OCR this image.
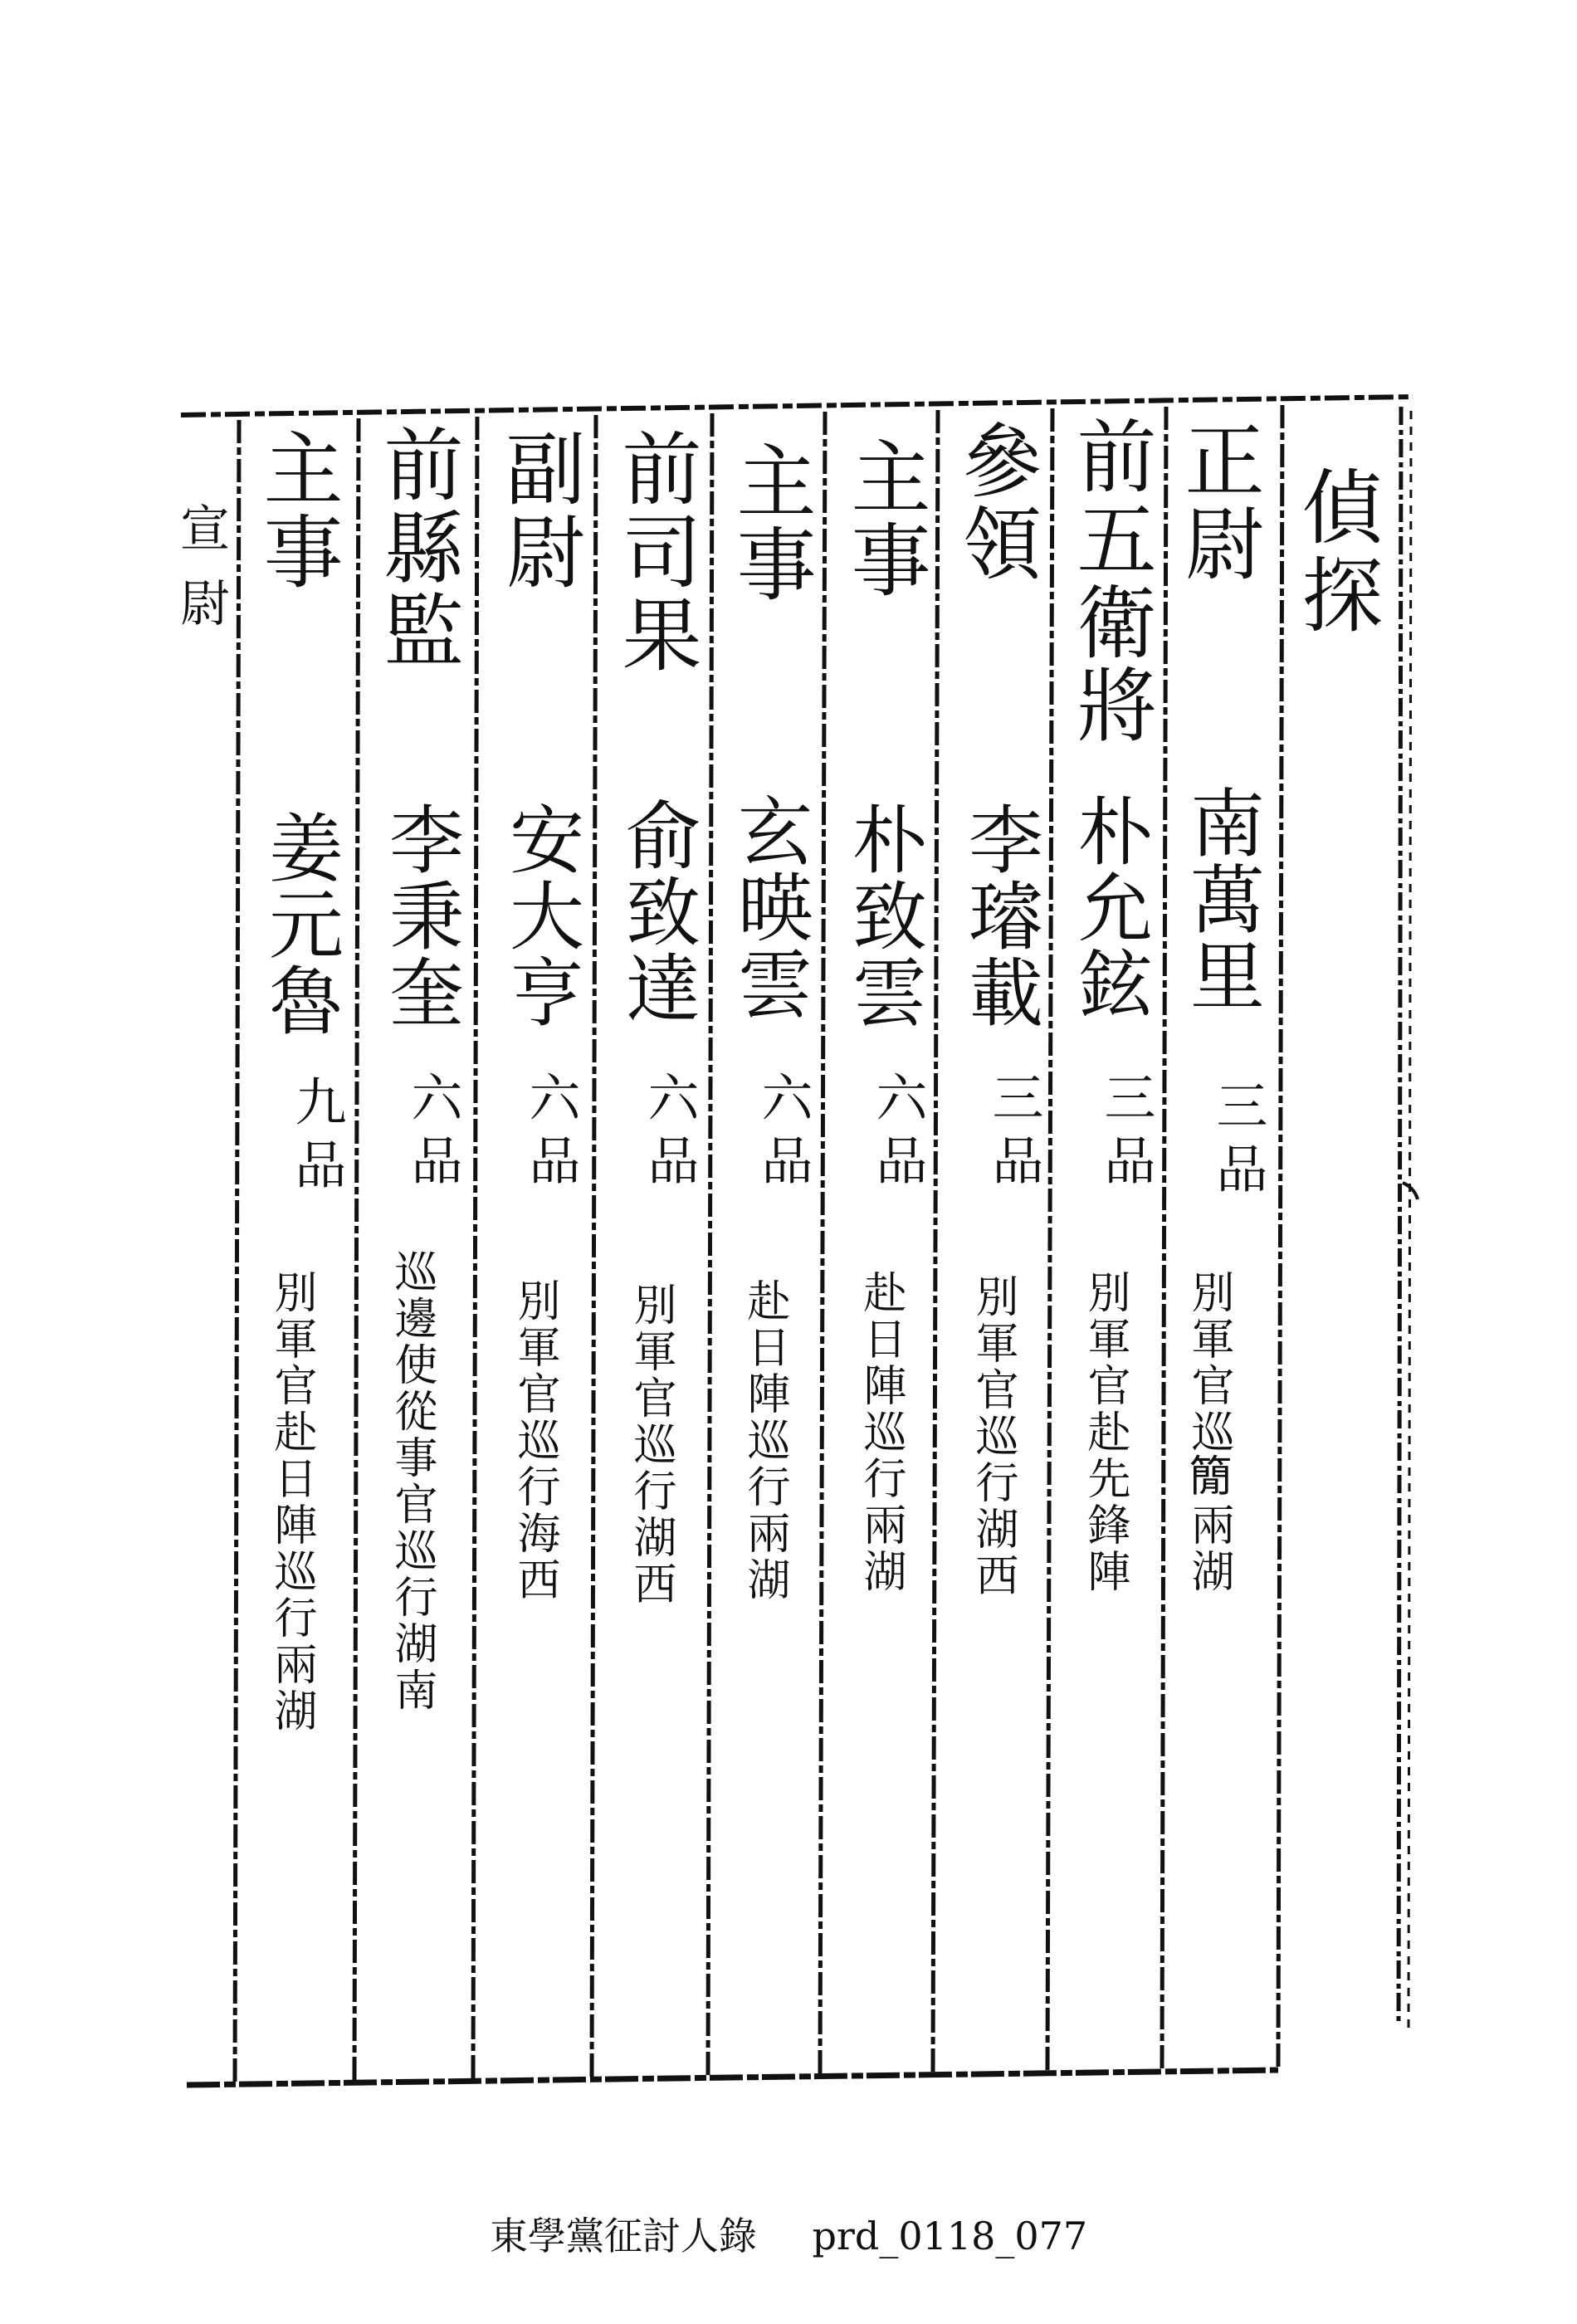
偵探
正尉
南萬里
三品
別軍官巡𥳑兩湖
前五衛將
朴允鉉
三品
別軍官赴先鋒陣
參領
李璿載
三品
別軍官巡行湖西
主事
朴致雲
六品
赴日陣巡行兩湖
主事
玄暎雲
六品
赴日陣巡行兩湖
前司果
俞致達
六品
別軍官巡行湖西
副尉
安大亨
六品
別軍官巡行海西
前縣監
李秉奎
六品
巡邊使從事官巡行湖南
主事
姜元魯
九品
別軍官赴日陣巡行兩湖
宣尉
東學黨征討人錄 prd_0118_077
